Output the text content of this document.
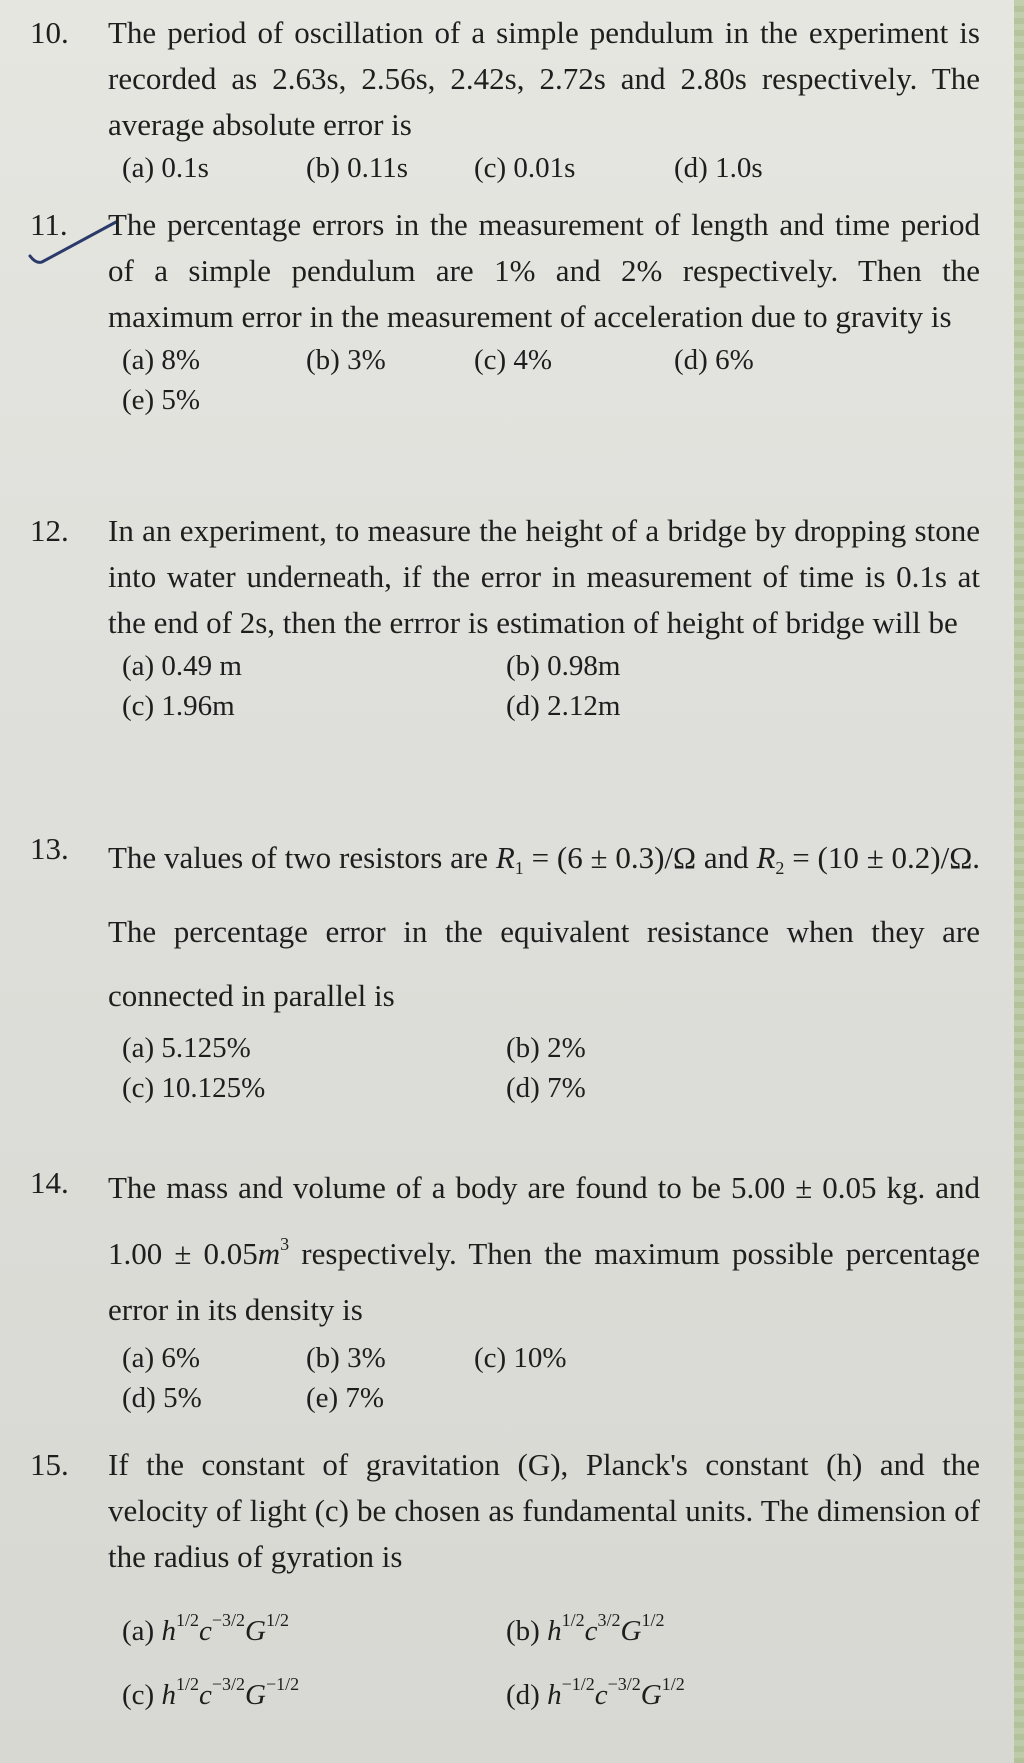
10. The period of oscillation of a simple pendulum in the experiment is recorded as 2.63s, 2.56s, 2.42s, 2.72s and 2.80s respectively. The average absolute error is
(a) 0.1s	(b) 0.11s	(c) 0.01s	(d) 1.0s
11. The percentage errors in the measurement of length and time period of a simple pendulum are 1% and 2% respectively. Then the maximum error in the measurement of acceleration due to gravity is
(a) 8%	(b) 3%	(c) 4%	(d) 6%
(e) 5%
12. In an experiment, to measure the height of a bridge by dropping stone into water underneath, if the error in measurement of time is 0.1s at the end of 2s, then the errror is estimation of height of bridge will be
(a) 0.49 m	(b) 0.98m
(c) 1.96m	(d) 2.12m
13. The values of two resistors are $R_1 = (6 \pm 0.3)/\Omega$ and $R_2 = (10 \pm 0.2)/\Omega$. The percentage error in the equivalent resistance when they are connected in parallel is
(a) 5.125%	(b) 2%
(c) 10.125%	(d) 7%
14. The mass and volume of a body are found to be 5.00 ± 0.05 kg. and $1.00 \pm 0.05m^3$ respectively. Then the maximum possible percentage error in its density is
(a) 6%	(b) 3%	(c) 10%
(d) 5%	(e) 7%
15. If the constant of gravitation (G), Planck's constant (h) and the velocity of light (c) be chosen as fundamental units. The dimension of the radius of gyration is
(a) $h^{1/2}c^{-3/2}G^{1/2}$	(b) $h^{1/2}c^{3/2}G^{1/2}$
(c) $h^{1/2}c^{-3/2}G^{-1/2}$	(d) $h^{-1/2}c^{-3/2}G^{1/2}$
